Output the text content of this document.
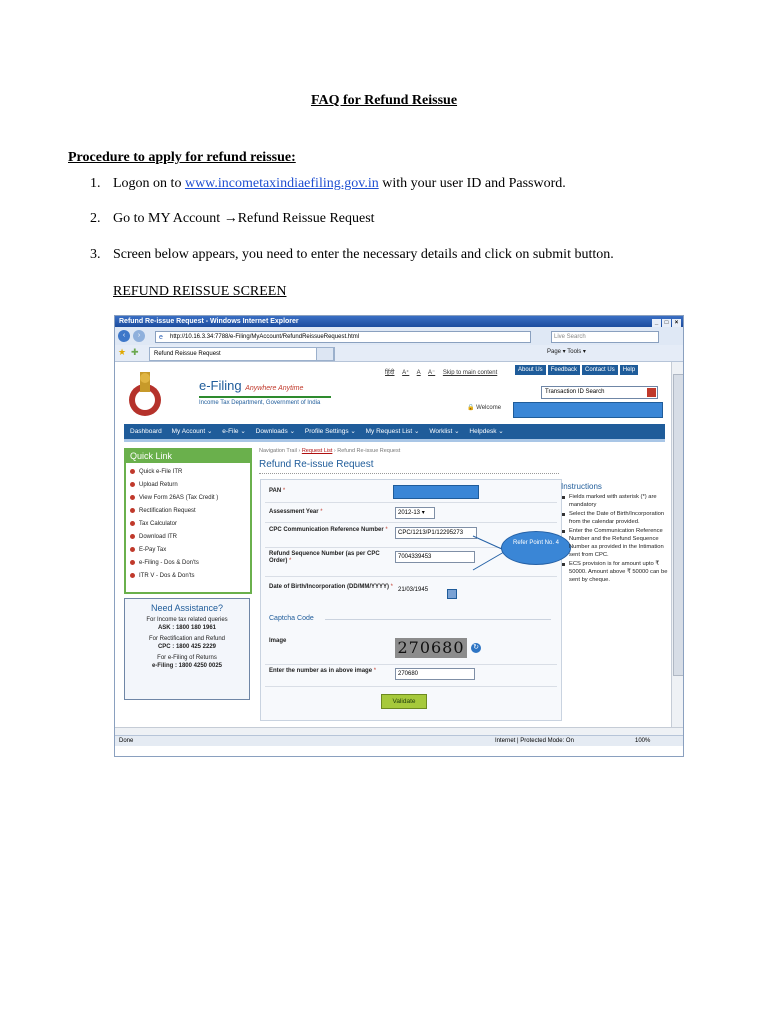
FAQ for Refund Reissue
Procedure to apply for refund reissue:
1. Logon on to www.incometaxindiaefiling.gov.in with your user ID and Password.
2. Go to MY Account →Refund Reissue Request
3. Screen below appears, you need to enter the necessary details and click on submit button.
REFUND REISSUE SCREEN
Refund Re-issue Request - Windows Internet Explorer	_ □ ×
‹	›	e http://10.16.3.34:7788/e-Filing/MyAccount/RefundReissueRequest.html	Live Search
★ ✚	Refund Reissue Request	Page ▾ Tools ▾
हिंदी A⁺ A A⁻ Skip to main content	About Us Feedback Contact Us Help
e-Filing Anywhere Anytime
Income Tax Department, Government of India
Transaction ID Search
🔒 Welcome
Dashboard My Account ⌄ e-File ⌄ Downloads ⌄ Profile Settings ⌄ My Request List ⌄ Worklist ⌄ Helpdesk ⌄
Quick Link
Quick e-File ITR
Upload Return
View Form 26AS (Tax Credit )
Rectification Request
Tax Calculator
Download ITR
E-Pay Tax
e-Filing - Dos & Don'ts
ITR V - Dos & Don'ts
Need Assistance?

For Income tax related queries
ASK : 1800 180 1961

For Rectification and Refund
CPC : 1800 425 2229

For e-Filing of Returns
e-Filing : 1800 4250 0025

Navigation Trail › Request List › Refund Re-issue Request
Refund Re-issue Request
PAN *
Assessment Year *	2012-13 ▾
CPC Communication Reference Number *	CPC/1213/P1/12295273
Refund Sequence Number (as per CPC Order) *
7004339453
Date of Birth/Incorporation (DD/MM/YYYY) * 21/03/1945
Captcha Code
Image	270680	↻
Enter the number as in above image *	270680
Validate
Refer Point No. 4
Instructions
Fields marked with asterisk (*) are mandatory
Select the Date of Birth/Incorporation from the calendar provided.
Enter the Communication Reference Number and the Refund Sequence Number as provided in the Intimation sent from CPC.
ECS provision is for amount upto ₹ 50000. Amount above ₹ 50000 can be sent by cheque.
Done	Internet | Protected Mode: On	100%
